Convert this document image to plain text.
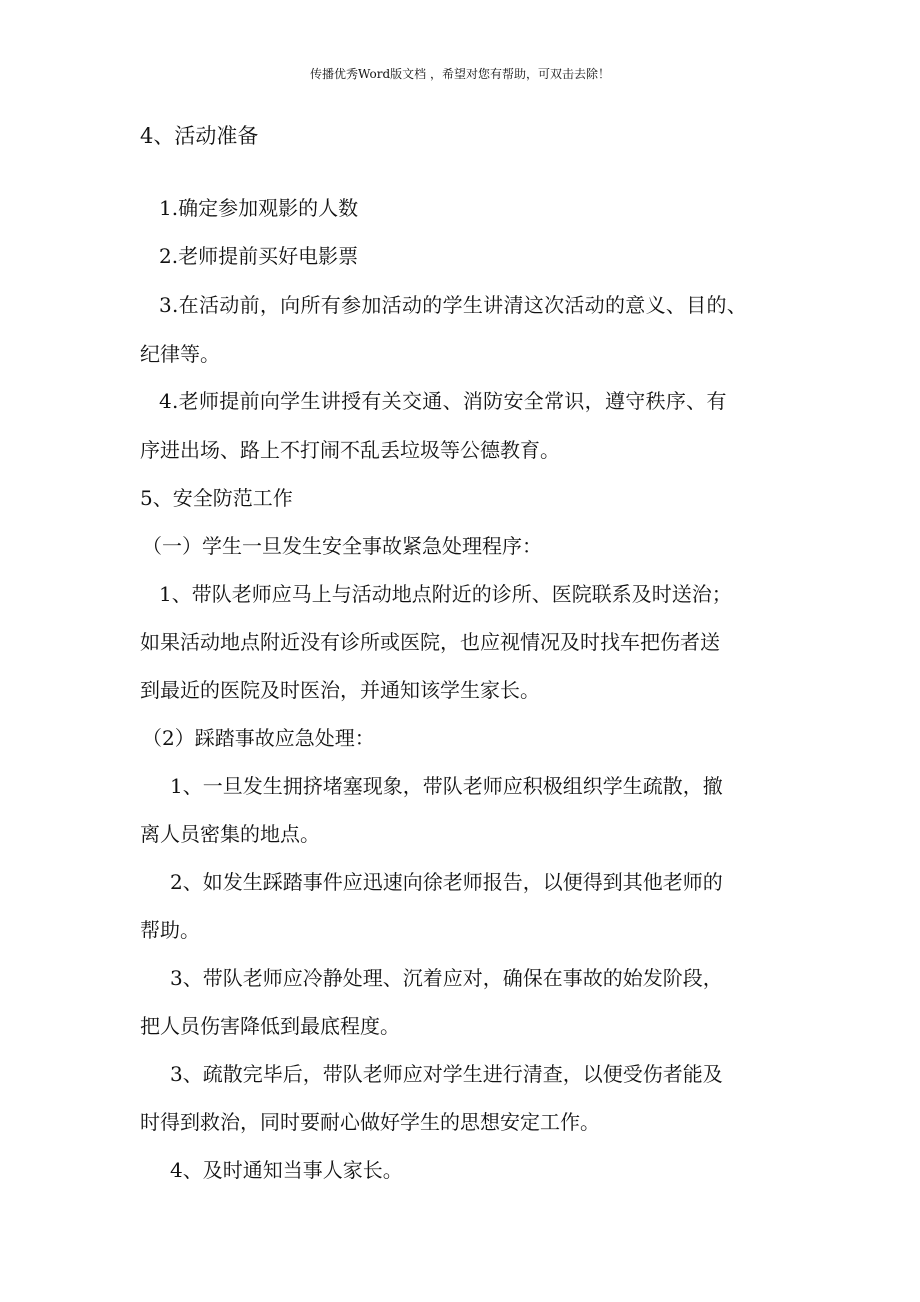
传播优秀Word版文档 ，希望对您有帮助，可双击去除！
4、活动准备
1.确定参加观影的人数
2.老师提前买好电影票
3.在活动前，向所有参加活动的学生讲清这次活动的意义、目的、
纪律等。
4.老师提前向学生讲授有关交通、消防安全常识，遵守秩序、有
序进出场、路上不打闹不乱丢垃圾等公德教育。
5、安全防范工作
（一）学生一旦发生安全事故紧急处理程序：
1、带队老师应马上与活动地点附近的诊所、医院联系及时送治；
如果活动地点附近没有诊所或医院，也应视情况及时找车把伤者送
到最近的医院及时医治，并通知该学生家长。
（2）踩踏事故应急处理：
1、一旦发生拥挤堵塞现象，带队老师应积极组织学生疏散，撤
离人员密集的地点。
2、如发生踩踏事件应迅速向徐老师报告，以便得到其他老师的
帮助。
3、带队老师应冷静处理、沉着应对，确保在事故的始发阶段，
把人员伤害降低到最底程度。
3、疏散完毕后，带队老师应对学生进行清查，以便受伤者能及
时得到救治，同时要耐心做好学生的思想安定工作。
4、及时通知当事人家长。
